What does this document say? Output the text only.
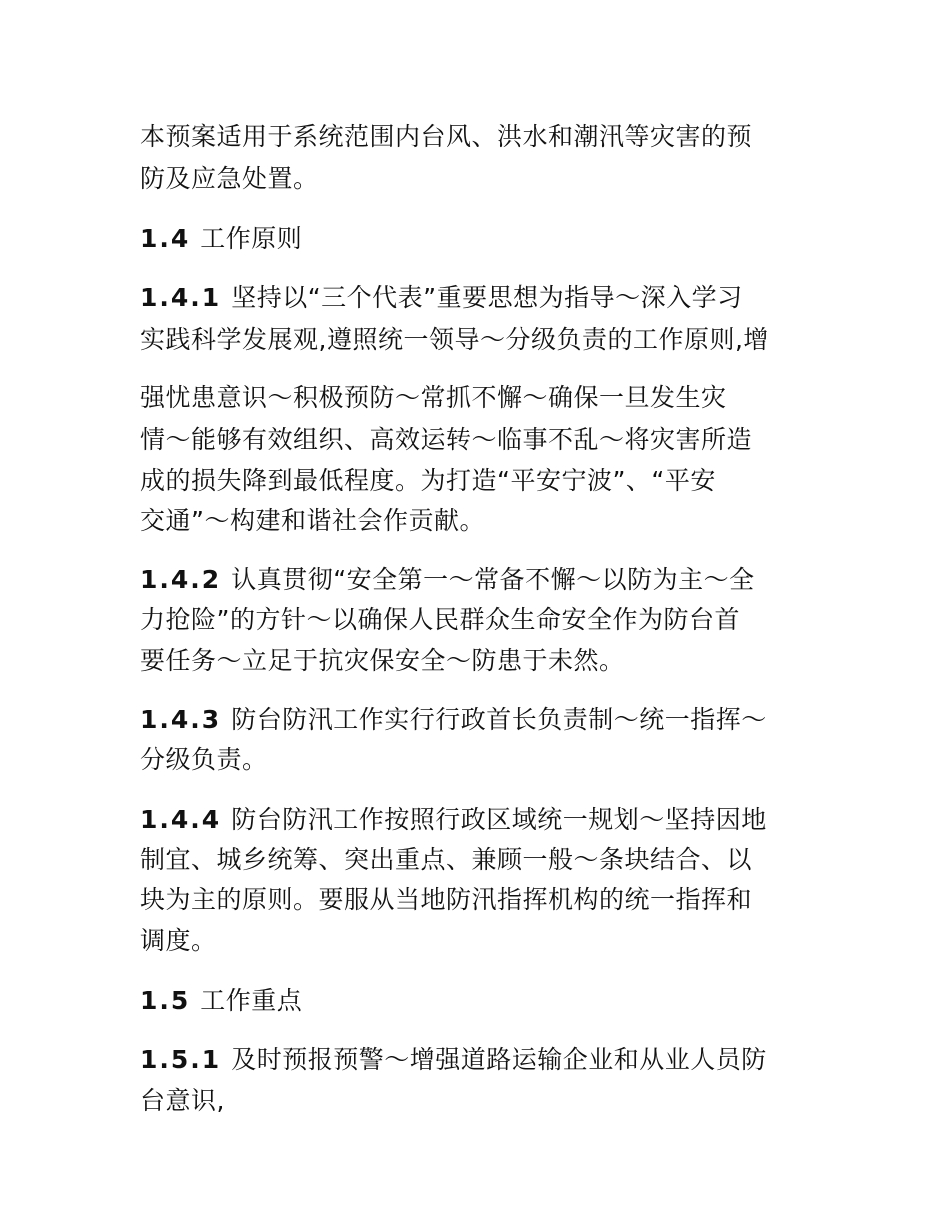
本预案适用于系统范围内台风、洪水和潮汛等灾害的预
防及应急处置。
1.4 工作原则
1.4.1 坚持以“三个代表”重要思想为指导～深入学习
实践科学发展观,遵照统一领导～分级负责的工作原则,增
强忧患意识～积极预防～常抓不懈～确保一旦发生灾
情～能够有效组织、高效运转～临事不乱～将灾害所造
成的损失降到最低程度。为打造“平安宁波”、“平安
交通”～构建和谐社会作贡献。
1.4.2 认真贯彻“安全第一～常备不懈～以防为主～全
力抢险”的方针～以确保人民群众生命安全作为防台首
要任务～立足于抗灾保安全～防患于未然。
1.4.3 防台防汛工作实行行政首长负责制～统一指挥～
分级负责。
1.4.4 防台防汛工作按照行政区域统一规划～坚持因地
制宜、城乡统筹、突出重点、兼顾一般～条块结合、以
块为主的原则。要服从当地防汛指挥机构的统一指挥和
调度。
1.5 工作重点
1.5.1 及时预报预警～增强道路运输企业和从业人员防
台意识,
